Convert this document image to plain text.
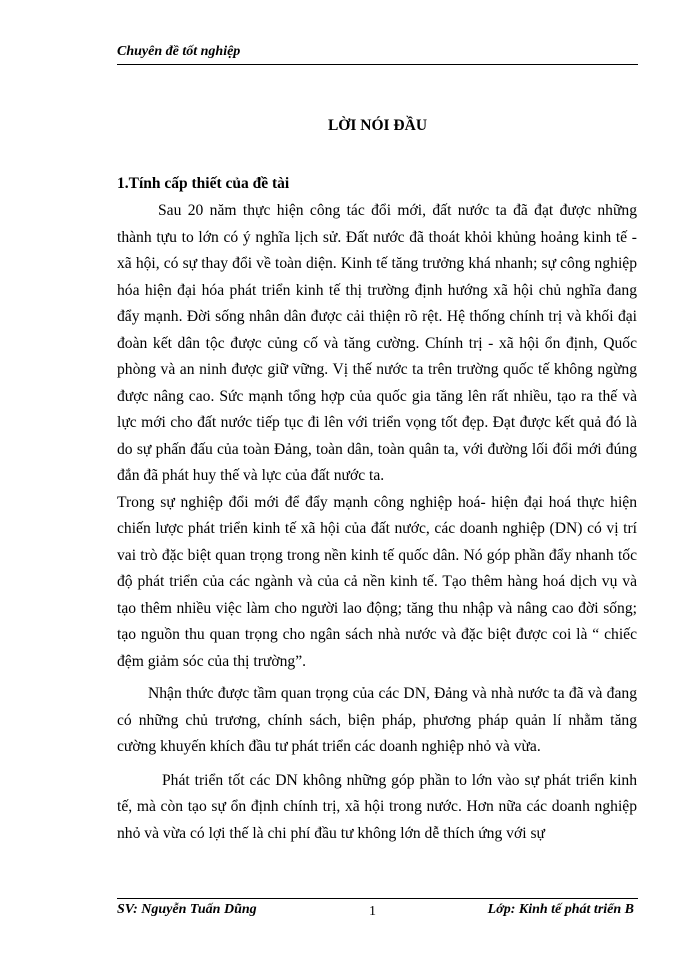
Chuyên đề tốt nghiệp
LỜI NÓI ĐẦU
1.Tính cấp thiết của đề tài

Sau 20 năm thực hiện công tác đổi mới, đất nước ta đã đạt được những thành tựu to lớn có ý nghĩa lịch sử. Đất nước đã thoát khỏi khủng hoảng kinh tế - xã hội, có sự thay đổi về toàn diện. Kinh tế tăng trưởng khá nhanh; sự công nghiệp hóa hiện đại hóa phát triển kinh tế thị trường định hướng xã hội chủ nghĩa đang đẩy mạnh. Đời sống nhân dân được cải thiện rõ rệt. Hệ thống chính trị và khối đại đoàn kết dân tộc được củng cố và tăng cường. Chính trị - xã hội ổn định, Quốc phòng và an ninh được giữ vững. Vị thế nước ta trên trường quốc tế không ngừng được nâng cao. Sức mạnh tổng hợp của quốc gia tăng lên rất nhiều, tạo ra thế và lực mới cho đất nước tiếp tục đi lên với triển vọng tốt đẹp. Đạt được kết quả đó là do sự phấn đấu của toàn Đảng, toàn dân, toàn quân ta, với đường lối đổi mới đúng đắn đã phát huy thế và lực của đất nước ta.

Trong sự nghiệp đổi mới để đẩy mạnh công nghiệp hoá- hiện đại hoá thực hiện chiến lược phát triển kinh tế xã hội của đất nước, các doanh nghiệp (DN) có vị trí vai trò đặc biệt quan trọng trong nền kinh tế quốc dân. Nó góp phần đẩy nhanh tốc độ phát triển của các ngành và của cả nền kinh tế. Tạo thêm hàng hoá dịch vụ và tạo thêm nhiều việc làm cho người lao động; tăng thu nhập và nâng cao đời sống; tạo nguồn thu quan trọng cho ngân sách nhà nước và đặc biệt được coi là “ chiếc đệm giảm sóc của thị trường”.

Nhận thức được tầm quan trọng của các DN, Đảng và nhà nước ta đã và đang có những chủ trương, chính sách, biện pháp, phương pháp quản lí nhằm tăng cường khuyến khích đầu tư phát triển các doanh nghiệp nhỏ và vừa.

Phát triển tốt các DN không những góp phần to lớn vào sự phát triển kinh tế, mà còn tạo sự ổn định chính trị, xã hội trong nước. Hơn nữa các doanh nghiệp nhỏ và vừa có lợi thế là chi phí đầu tư không lớn dễ thích ứng với sự

SV: Nguyễn Tuấn Dũng	1	Lớp: Kinh tế phát triển B
